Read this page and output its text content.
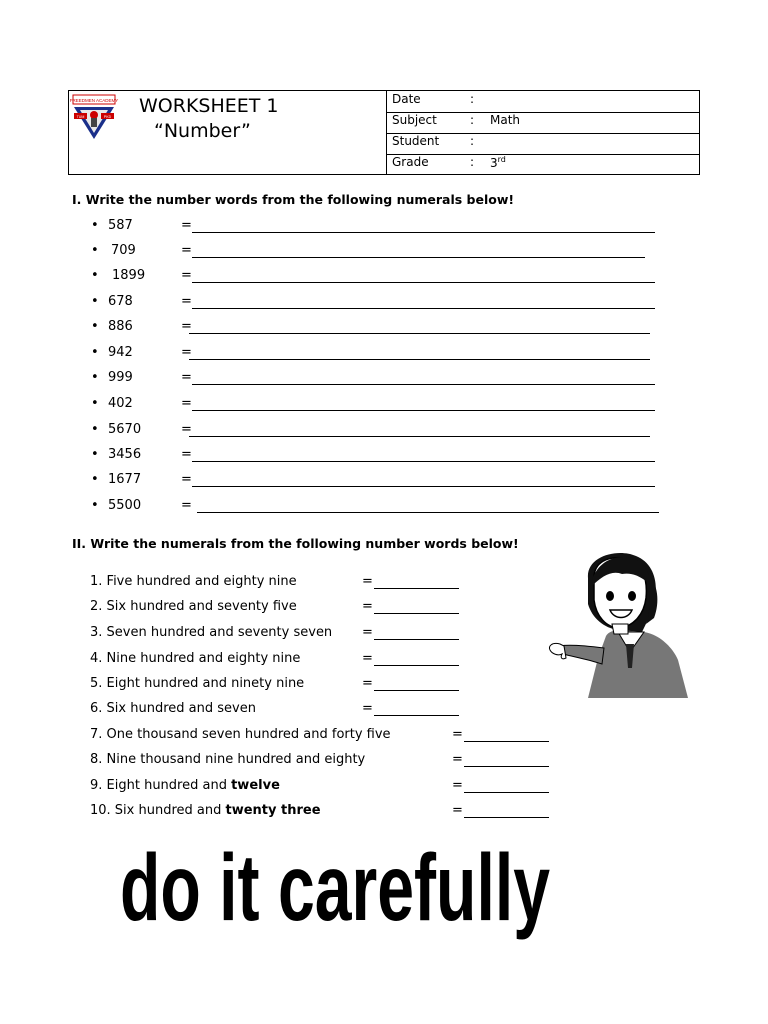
FREEDMEN ACADEMY
TUM	PKD WORKSHEET 1
“Number”
Date	:
Subject	: Math
Student	:
Grade	: 3rd
I. Write the number words from the following numerals below!
• 587	=
• 709	=
• 1899	=
• 678	=
• 886	=
• 942	=
• 999	=
• 402	=
• 5670	=
• 3456	=
• 1677	=
• 5500	=
II. Write the numerals from the following number words below!
1. Five hundred and eighty nine	=
2. Six hundred and seventy five	=
3. Seven hundred and seventy seven =
4. Nine hundred and eighty nine	=
5. Eight hundred and ninety nine	=
6. Six hundred and seven	=
7. One thousand seven hundred and forty five	=
8. Nine thousand nine hundred and eighty	=
9. Eight hundred and twelve	=
10. Six hundred and twenty three	=
do it carefully
